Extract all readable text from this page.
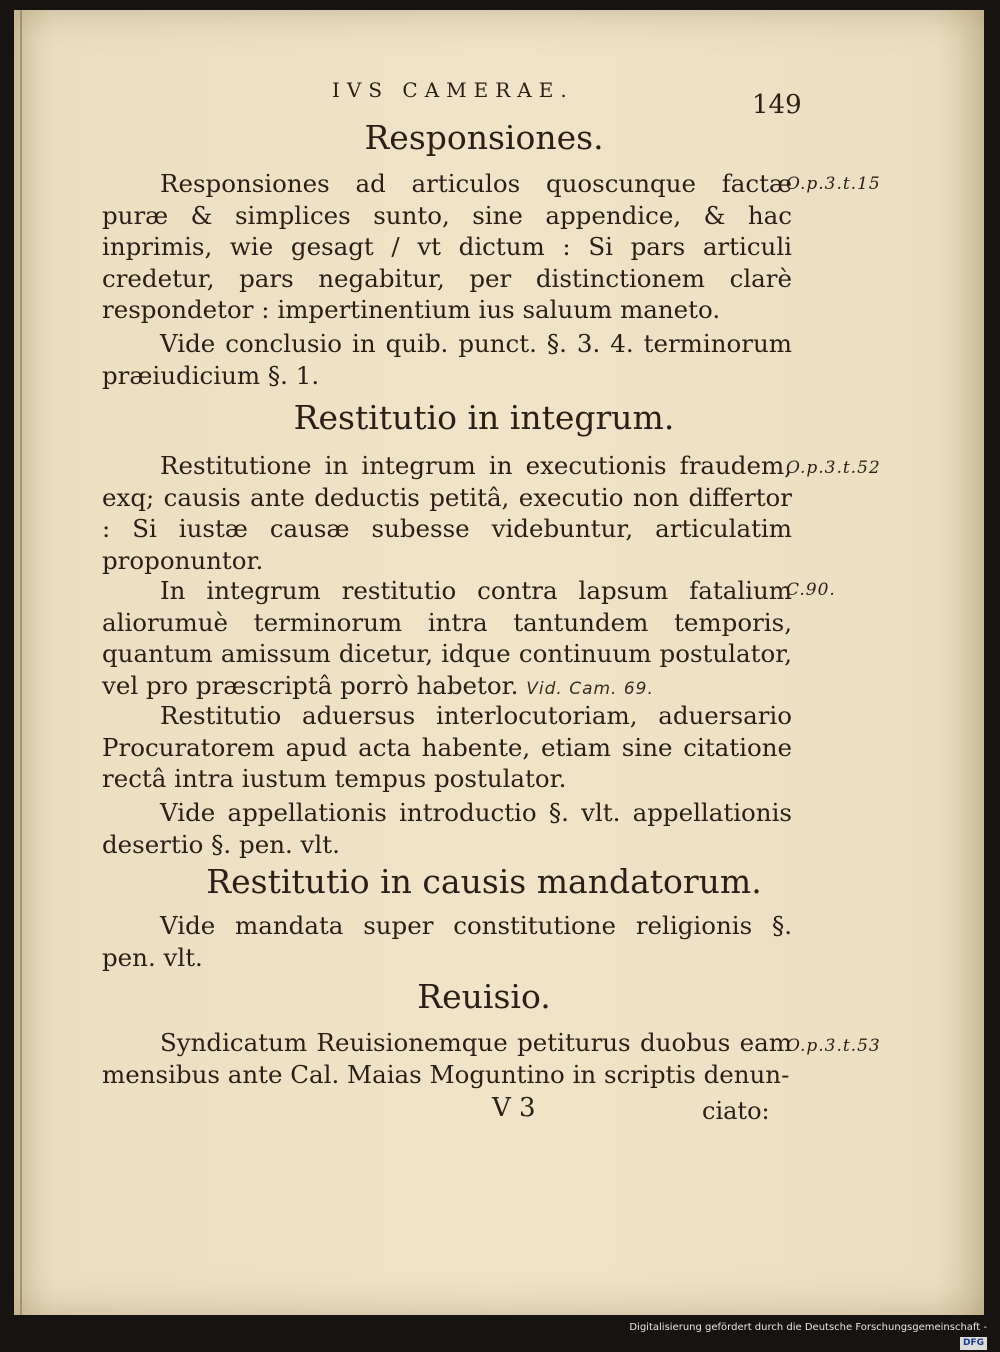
IVS CAMERAE.	149
Responsiones.

Responsiones ad articulos quoscunque factæ puræ & simplices sunto, sine appendice, & hac inprimis, wie gesagt / vt dictum : Si pars articuli credetur, pars negabitur, per distinctionem clarè respondetor : impertinentium ius saluum maneto.

O.p.3.t.15

Vide conclusio in quib. punct. §. 3. 4. terminorum præiudicium §. 1.

Restitutio in integrum.

Restitutione in integrum in executionis fraudem, exq; causis ante deductis petitâ, executio non differtor : Si iustæ causæ subesse videbuntur, articulatim proponuntor.

O.p.3.t.52

In integrum restitutio contra lapsum fatalium aliorumuè terminorum intra tantundem temporis, quantum amissum dicetur, idque continuum postulator, vel pro præscriptâ porrò habetor. Vid. Cam. 69.

C.90.

Restitutio aduersus interlocutoriam, aduersario Procuratorem apud acta habente, etiam sine citatione rectâ intra iustum tempus postulator.

Vide appellationis introductio §. vlt. appellationis desertio §. pen. vlt.

Restitutio in causis mandatorum.

Vide mandata super constitutione religionis §. pen. vlt.

Reuisio.

Syndicatum Reuisionemque petiturus duobus eam mensibus ante Cal. Maias Moguntino in scriptis denun-

O.p.3.t.53
V 3	ciato:
Digitalisierung gefördert durch die Deutsche Forschungsgemeinschaft -DFG
